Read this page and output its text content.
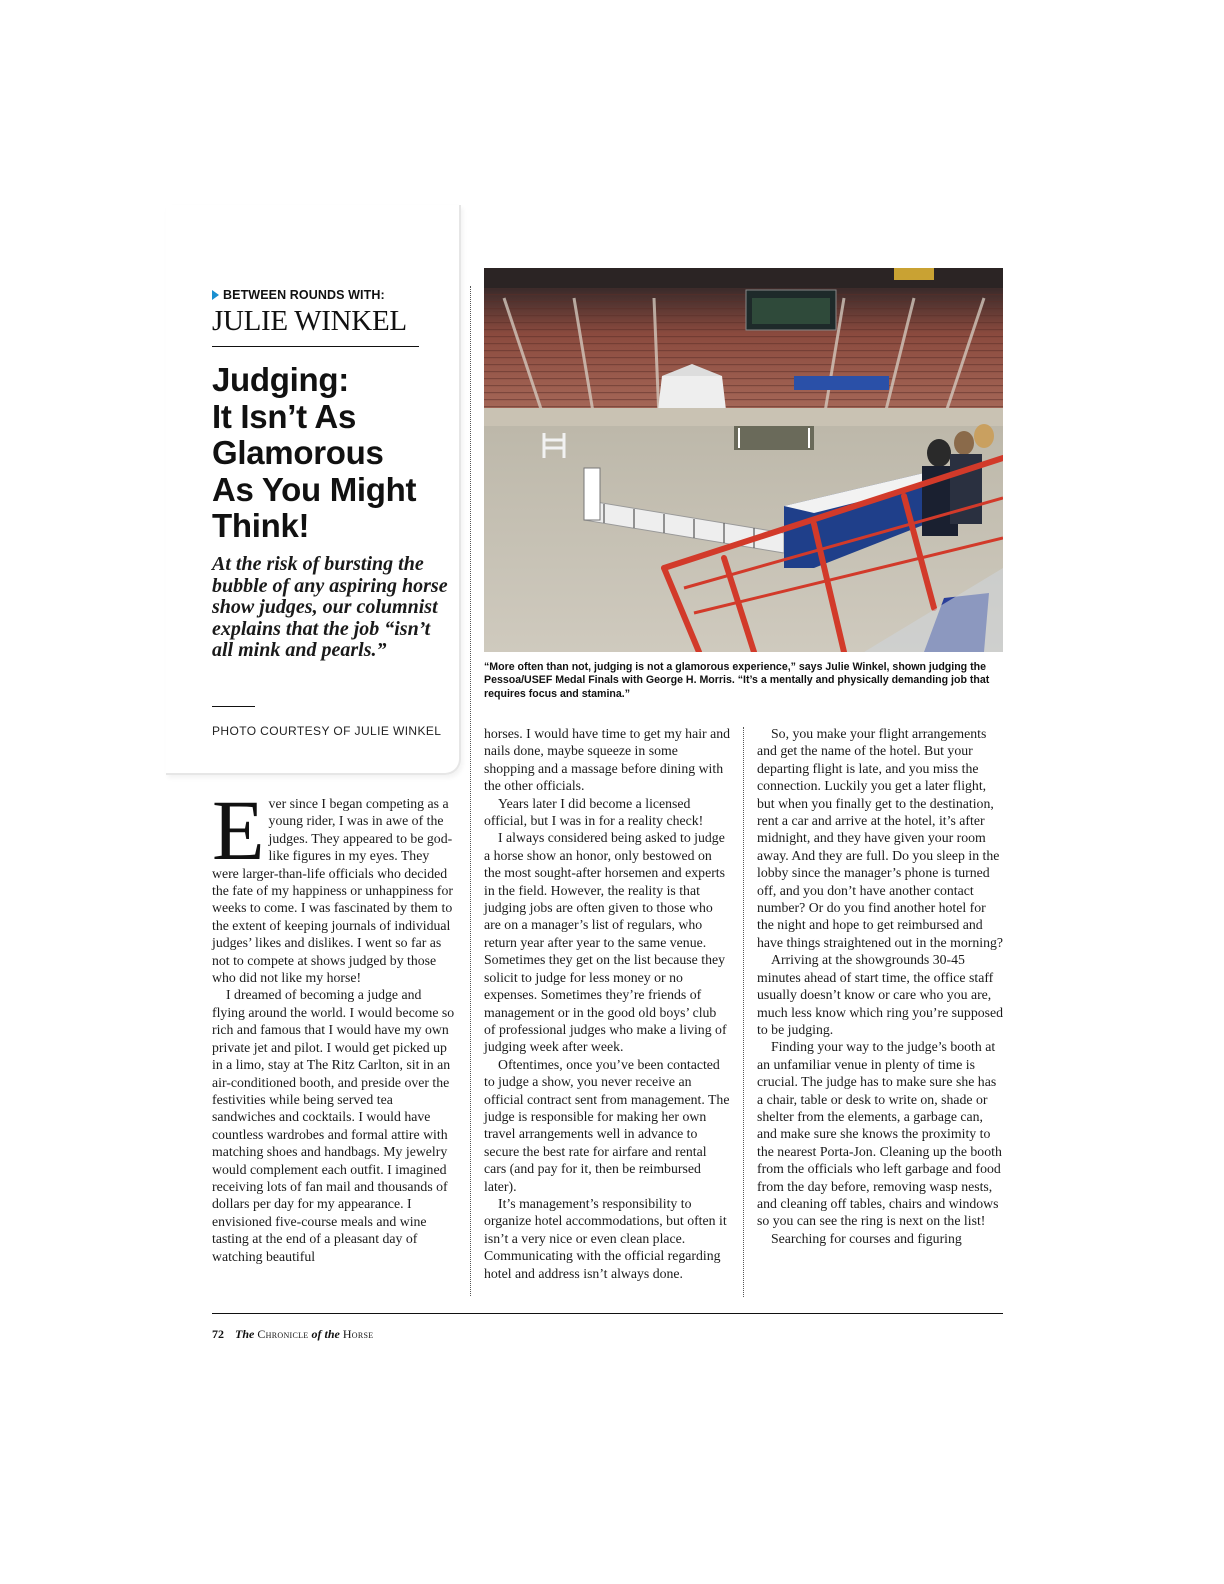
BETWEEN ROUNDS WITH:
JULIE WINKEL
Judging:
It Isn’t As
Glamorous
As You Might
Think!
At the risk of bursting the bubble of any aspiring horse show judges, our columnist explains that the job “isn’t all mink and pearls.”
PHOTO COURTESY OF JULIE WINKEL
“More often than not, judging is not a glamorous experience,” says Julie Winkel, shown judging the Pessoa/USEF Medal Finals with George H. Morris. “It’s a mentally and physically demanding job that requires focus and stamina.”

Ever since I began competing as a young rider, I was in awe of the judges. They appeared to be god-like figures in my eyes. They were larger-than-life officials who decided the fate of my happiness or unhappiness for weeks to come. I was fascinated by them to the extent of keeping journals of individual judges’ likes and dislikes. I went so far as not to compete at shows judged by those who did not like my horse!

I dreamed of becoming a judge and flying around the world. I would become so rich and famous that I would have my own private jet and pilot. I would get picked up in a limo, stay at The Ritz Carlton, sit in an air-conditioned booth, and preside over the festivities while being served tea sandwiches and cocktails. I would have countless wardrobes and formal attire with matching shoes and handbags. My jewelry would complement each outfit. I imagined receiving lots of fan mail and thousands of dollars per day for my appearance. I envisioned five-course meals and wine tasting at the end of a pleasant day of watching beautiful

horses. I would have time to get my hair and nails done, maybe squeeze in some shopping and a massage before dining with the other officials.

Years later I did become a licensed official, but I was in for a reality check!

I always considered being asked to judge a horse show an honor, only bestowed on the most sought-after horsemen and experts in the field. However, the reality is that judging jobs are often given to those who are on a manager’s list of regulars, who return year after year to the same venue. Sometimes they get on the list because they solicit to judge for less money or no expenses. Sometimes they’re friends of management or in the good old boys’ club of professional judges who make a living of judging week after week.

Oftentimes, once you’ve been contacted to judge a show, you never receive an official contract sent from management. The judge is responsible for making her own travel arrangements well in advance to secure the best rate for airfare and rental cars (and pay for it, then be reimbursed later).

It’s management’s responsibility to organize hotel accommodations, but often it isn’t a very nice or even clean place. Communicating with the official regarding hotel and address isn’t always done.

So, you make your flight arrangements and get the name of the hotel. But your departing flight is late, and you miss the connection. Luckily you get a later flight, but when you finally get to the destination, rent a car and arrive at the hotel, it’s after midnight, and they have given your room away. And they are full. Do you sleep in the lobby since the manager’s phone is turned off, and you don’t have another contact number? Or do you find another hotel for the night and hope to get reimbursed and have things straightened out in the morning?

Arriving at the showgrounds 30-45 minutes ahead of start time, the office staff usually doesn’t know or care who you are, much less know which ring you’re supposed to be judging.

Finding your way to the judge’s booth at an unfamiliar venue in plenty of time is crucial. The judge has to make sure she has a chair, table or desk to write on, shade or shelter from the elements, a garbage can, and make sure she knows the proximity to the nearest Porta-Jon. Cleaning up the booth from the officials who left garbage and food from the day before, removing wasp nests, and cleaning off tables, chairs and windows so you can see the ring is next on the list!

Searching for courses and figuring

72 The Chronicle of the Horse
